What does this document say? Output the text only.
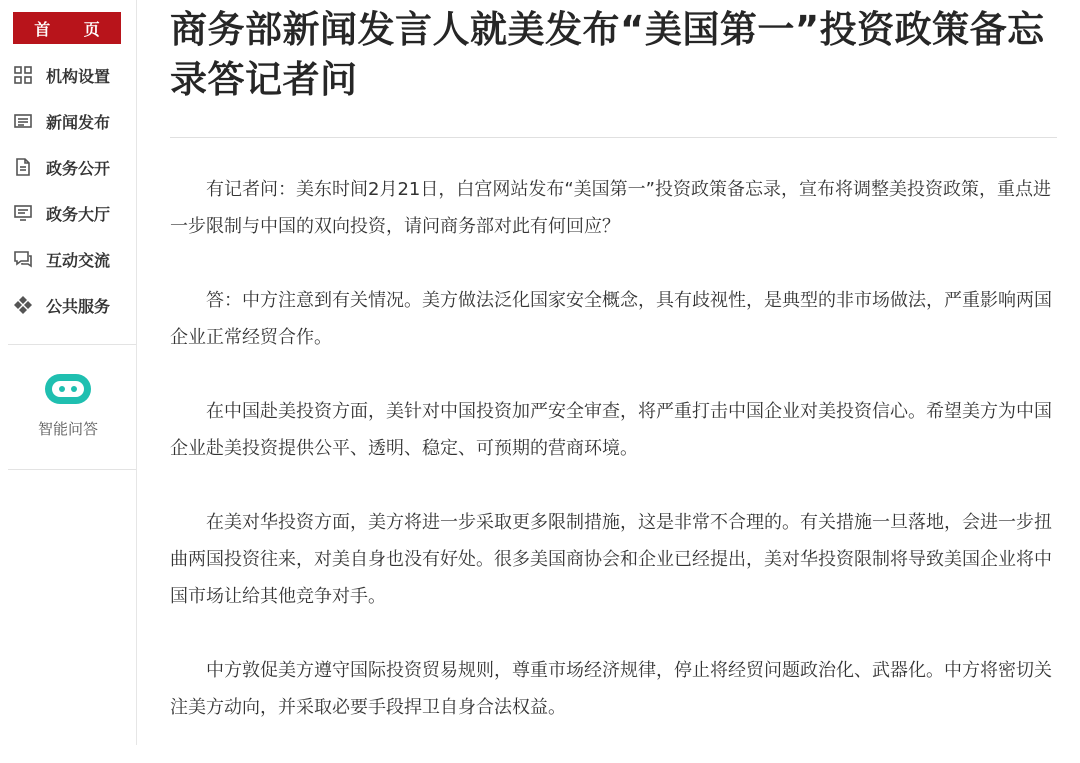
首 页
机构设置
新闻发布
政务公开
政务大厅
互动交流
公共服务
智能问答
商务部新闻发言人就美发布“美国第一”投资政策备忘录答记者问

有记者问：美东时间2月21日，白宫网站发布“美国第一”投资政策备忘录，宣布将调整美投资政策，重点进一步限制与中国的双向投资，请问商务部对此有何回应？

答：中方注意到有关情况。美方做法泛化国家安全概念，具有歧视性，是典型的非市场做法，严重影响两国企业正常经贸合作。

在中国赴美投资方面，美针对中国投资加严安全审查，将严重打击中国企业对美投资信心。希望美方为中国企业赴美投资提供公平、透明、稳定、可预期的营商环境。

在美对华投资方面，美方将进一步采取更多限制措施，这是非常不合理的。有关措施一旦落地，会进一步扭曲两国投资往来，对美自身也没有好处。很多美国商协会和企业已经提出，美对华投资限制将导致美国企业将中国市场让给其他竞争对手。

中方敦促美方遵守国际投资贸易规则，尊重市场经济规律，停止将经贸问题政治化、武器化。中方将密切关注美方动向，并采取必要手段捍卫自身合法权益。
